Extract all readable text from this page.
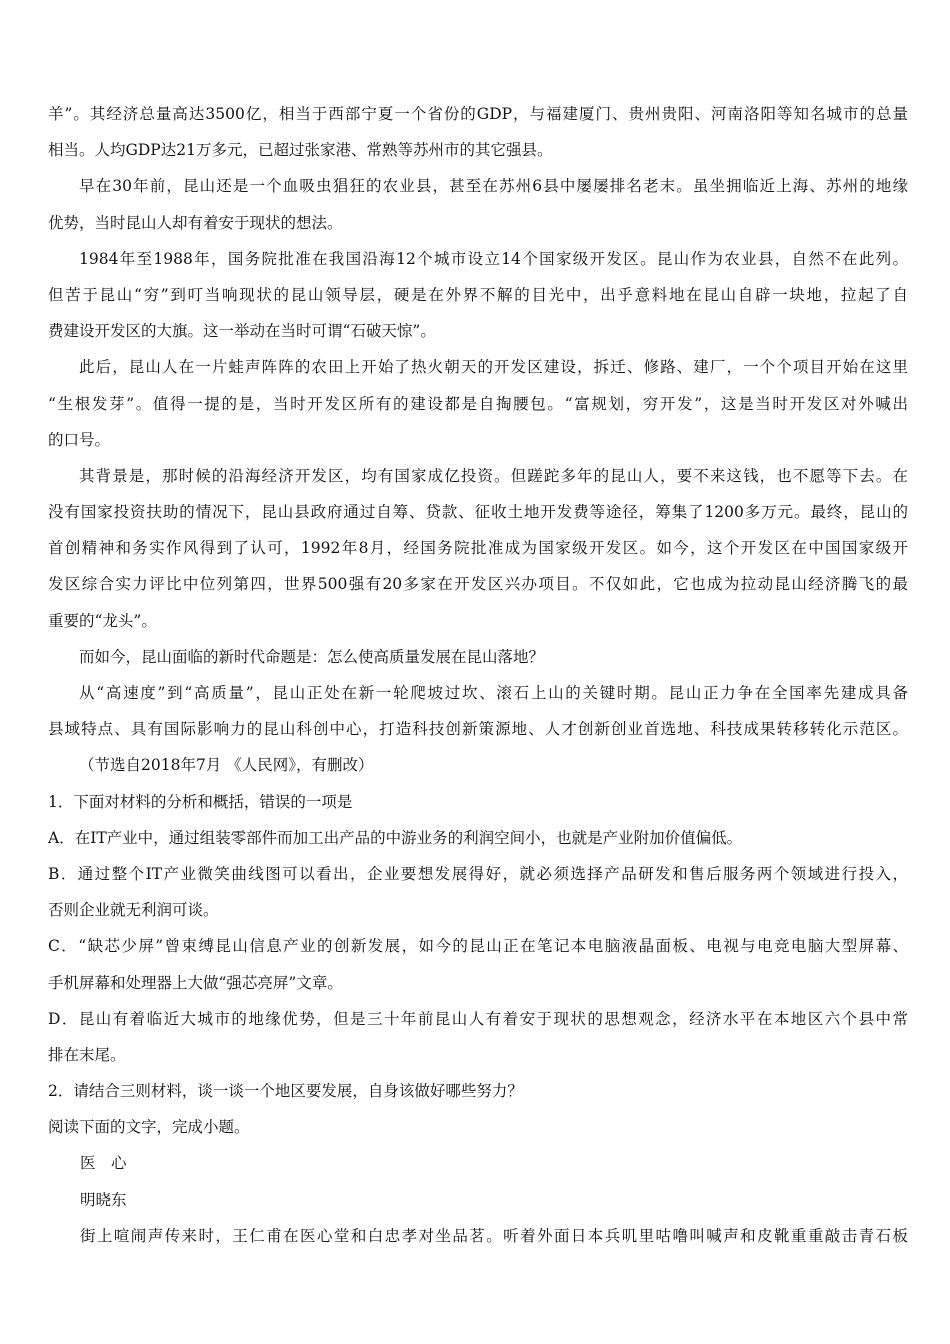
羊”。其经济总量高达3500亿，相当于西部宁夏一个省份的GDP，与福建厦门、贵州贵阳、河南洛阳等知名城市的总量

相当。人均GDP达21万多元，已超过张家港、常熟等苏州市的其它强县。

早在30年前，昆山还是一个血吸虫猖狂的农业县，甚至在苏州6县中屡屡排名老末。虽坐拥临近上海、苏州的地缘

优势，当时昆山人却有着安于现状的想法。

1984年至1988年，国务院批准在我国沿海12个城市设立14个国家级开发区。昆山作为农业县，自然不在此列。

但苦于昆山“穷”到叮当响现状的昆山领导层，硬是在外界不解的目光中，出乎意料地在昆山自辟一块地，拉起了自

费建设开发区的大旗。这一举动在当时可谓“石破天惊”。

此后，昆山人在一片蛙声阵阵的农田上开始了热火朝天的开发区建设，拆迁、修路、建厂，一个个项目开始在这里

“生根发芽”。值得一提的是，当时开发区所有的建设都是自掏腰包。“富规划，穷开发”，这是当时开发区对外喊出

的口号。

其背景是，那时候的沿海经济开发区，均有国家成亿投资。但蹉跎多年的昆山人，要不来这钱，也不愿等下去。在

没有国家投资扶助的情况下，昆山县政府通过自筹、贷款、征收土地开发费等途径，筹集了1200多万元。最终，昆山的

首创精神和务实作风得到了认可，1992年8月，经国务院批准成为国家级开发区。如今，这个开发区在中国国家级开

发区综合实力评比中位列第四，世界500强有20多家在开发区兴办项目。不仅如此，它也成为拉动昆山经济腾飞的最

重要的“龙头”。

而如今，昆山面临的新时代命题是：怎么使高质量发展在昆山落地？

从“高速度”到“高质量”，昆山正处在新一轮爬坡过坎、滚石上山的关键时期。昆山正力争在全国率先建成具备

县域特点、具有国际影响力的昆山科创中心，打造科技创新策源地、人才创新创业首选地、科技成果转移转化示范区。

（节选自2018年7月 《人民网》，有删改）

1．下面对材料的分析和概括，错误的一项是

A．在IT产业中，通过组装零部件而加工出产品的中游业务的利润空间小，也就是产业附加价值偏低。

B．通过整个IT产业微笑曲线图可以看出，企业要想发展得好，就必须选择产品研发和售后服务两个领域进行投入，

否则企业就无利润可谈。

C．“缺芯少屏”曾束缚昆山信息产业的创新发展，如今的昆山正在笔记本电脑液晶面板、电视与电竞电脑大型屏幕、

手机屏幕和处理器上大做“强芯亮屏”文章。

D．昆山有着临近大城市的地缘优势，但是三十年前昆山人有着安于现状的思想观念，经济水平在本地区六个县中常

排在末尾。

2．请结合三则材料，谈一谈一个地区要发展，自身该做好哪些努力？

阅读下面的文字，完成小题。

医　心

明晓东

街上喧闹声传来时，王仁甫在医心堂和白忠孝对坐品茗。听着外面日本兵叽里咕噜叫喊声和皮靴重重敲击青石板
